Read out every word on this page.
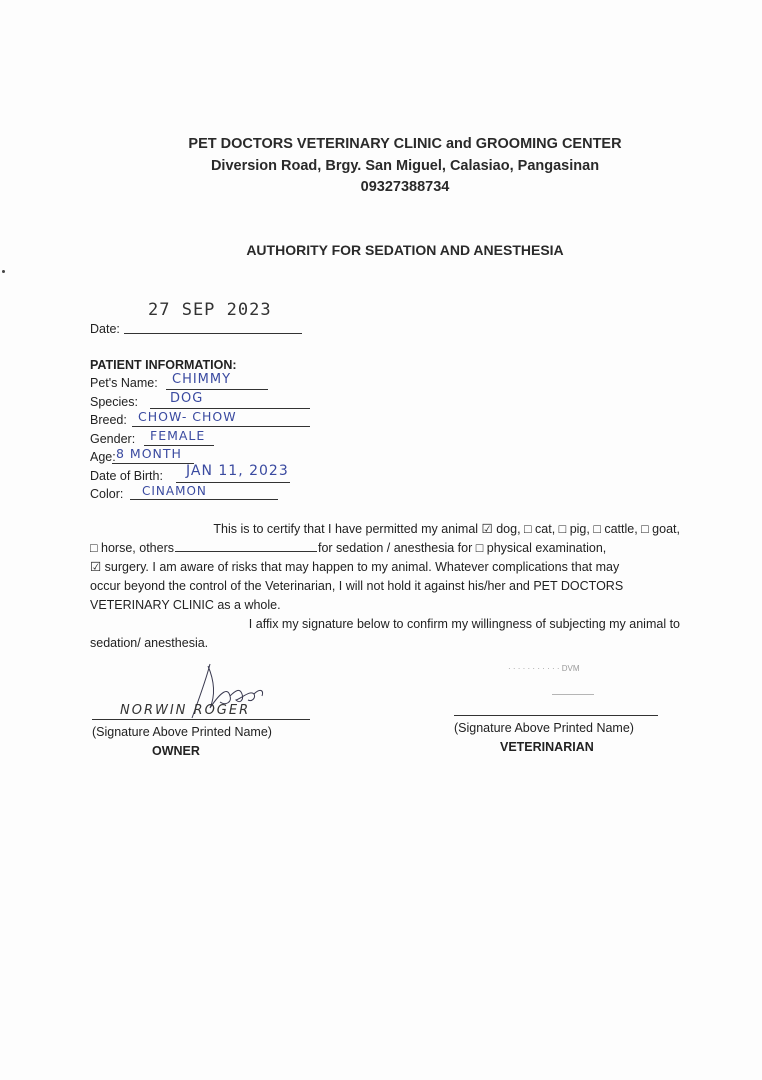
PET DOCTORS VETERINARY CLINIC and GROOMING CENTER
Diversion Road, Brgy. San Miguel, Calasiao, Pangasinan
09327388734
AUTHORITY FOR SEDATION AND ANESTHESIA
27 SEP 2023
Date:
PATIENT INFORMATION:
Pet's Name: CHIMMY
Species: DOG
Breed: CHOW- CHOW
Gender: FEMALE
Age: 8 MONTH
Date of Birth: JAN 11, 2023
Color: CINAMON
This is to certify that I have permitted my animal ☑ dog, □ cat, □ pig, □ cattle, □ goat,
□ horse, others	for sedation / anesthesia for □ physical examination,
☑ surgery. I am aware of risks that may happen to my animal. Whatever complications that may
occur beyond the control of the Veterinarian, I will not hold it against his/her and PET DOCTORS
VETERINARY CLINIC as a whole.
I affix my signature below to confirm my willingness of subjecting my animal to
sedation/ anesthesia.
NORWIN ROGER
(Signature Above Printed Name)
OWNER
· · · · · · · · · · · DVM
(Signature Above Printed Name)
VETERINARIAN
